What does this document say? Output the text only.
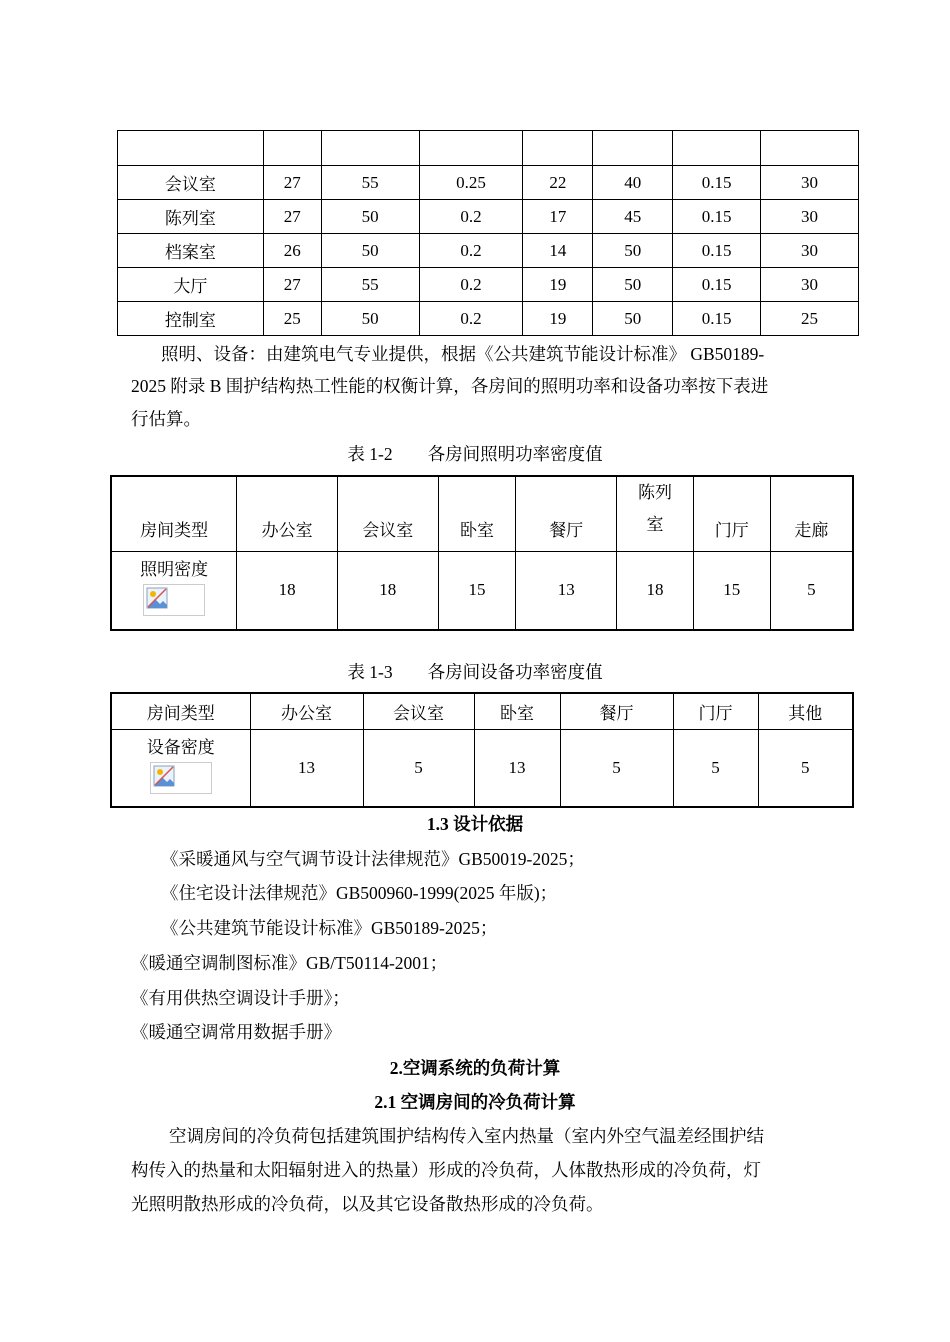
会议室	27	55	0.25	22	40	0.15	30
陈列室	27	50	0.2	17	45	0.15	30
档案室	26	50	0.2	14	50	0.15	30
大厅	27	55	0.2	19	50	0.15	30
控制室	25	50	0.2	19	50	0.15	25

照明、设备：由建筑电气专业提供，根据《公共建筑节能设计标准》 GB50189-

2025 附录 B 围护结构热工性能的权衡计算，各房间的照明功率和设备功率按下表进

行估算。

表 1-2　　各房间照明功率密度值
房间类型	办公室	会议室	卧室	餐厅	陈列室	门厅	走廊
照明密度	18	18	15	13	18	15	5
表 1-3　　各房间设备功率密度值
房间类型	办公室	会议室	卧室	餐厅	门厅	其他
设备密度	13	5	13	5	5	5
1.3 设计依据

《采暖通风与空气调节设计法律规范》GB50019-2025；

《住宅设计法律规范》GB500960-1999(2025 年版)；

《公共建筑节能设计标准》GB50189-2025；

《暖通空调制图标准》GB/T50114-2001；

《有用供热空调设计手册》；

《暖通空调常用数据手册》

2.空调系统的负荷计算
2.1 空调房间的冷负荷计算

空调房间的冷负荷包括建筑围护结构传入室内热量（室内外空气温差经围护结

构传入的热量和太阳辐射进入的热量）形成的冷负荷，人体散热形成的冷负荷，灯

光照明散热形成的冷负荷，以及其它设备散热形成的冷负荷。
